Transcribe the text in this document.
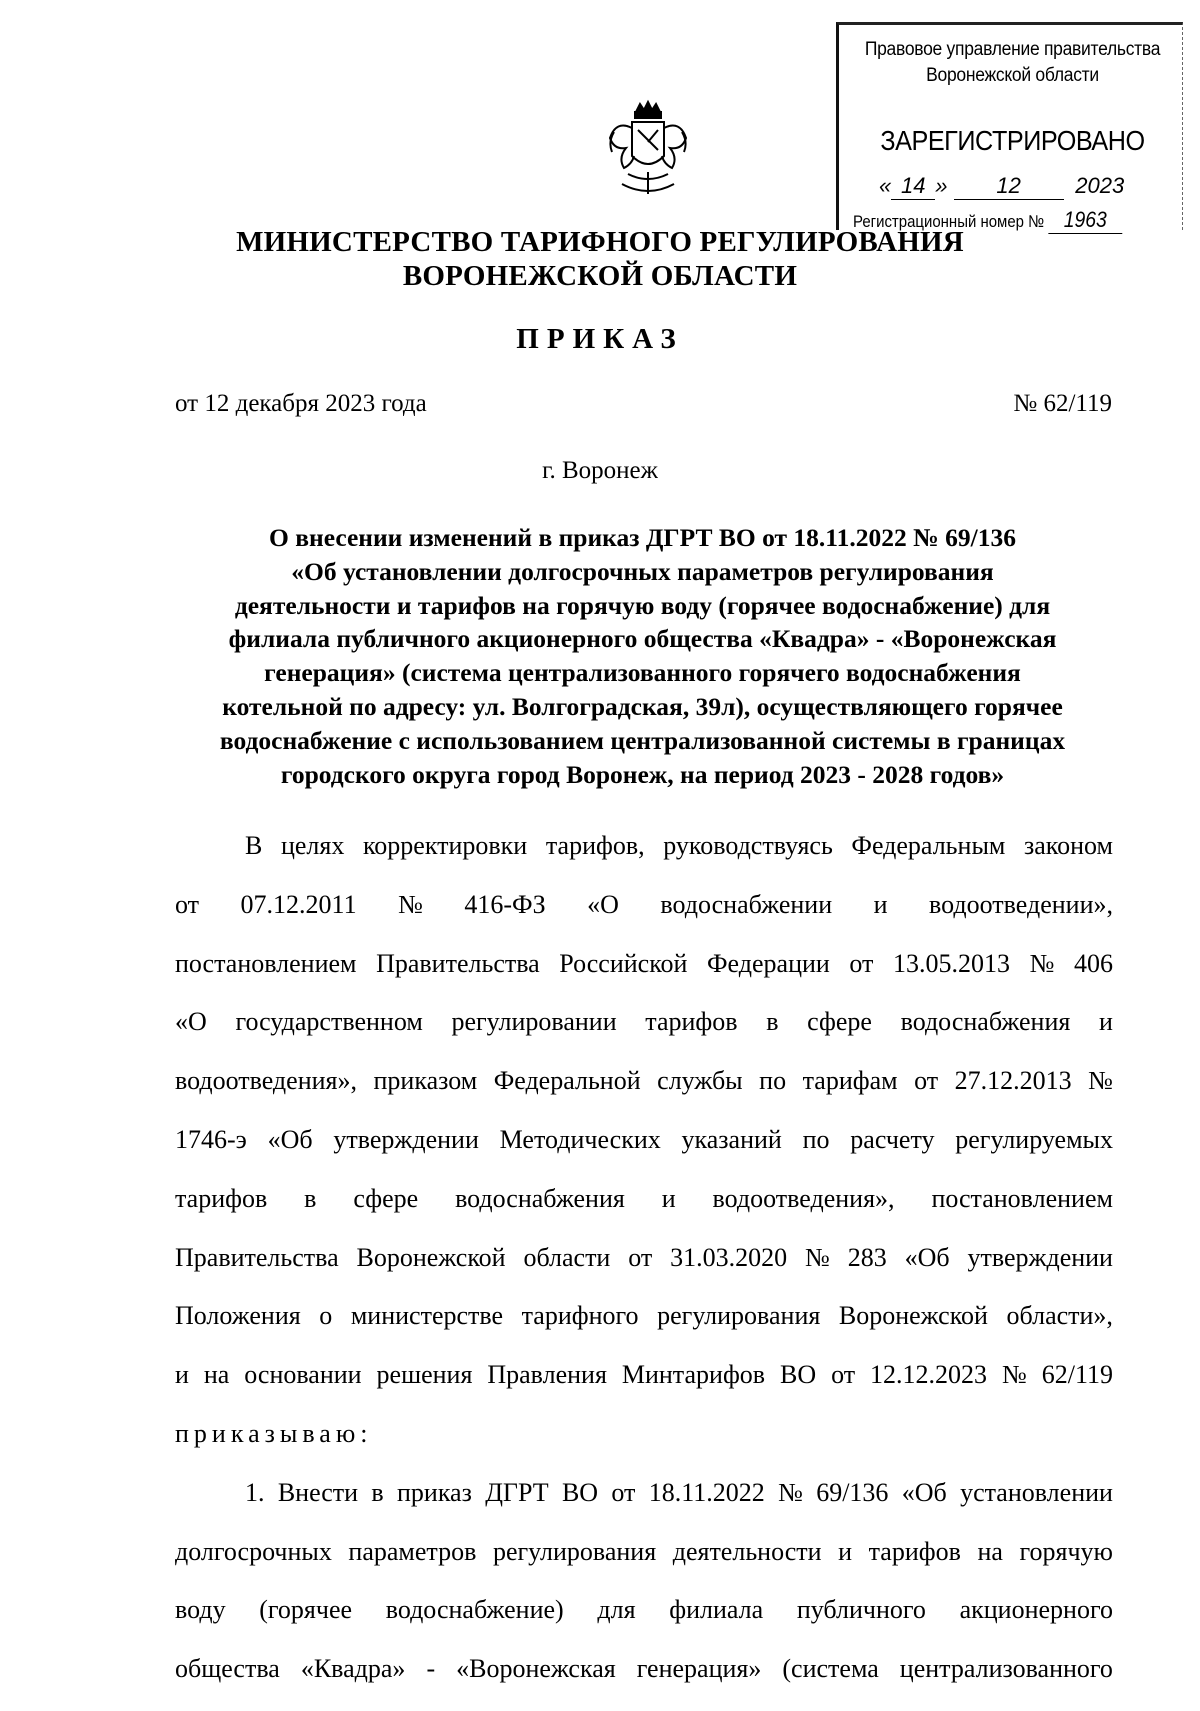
Правовое управление правительства
Воронежской области
ЗАРЕГИСТРИРОВАНО
« 14 » 12 2023
Регистрационный номер № 1963
МИНИСТЕРСТВО ТАРИФНОГО РЕГУЛИРОВАНИЯ
ВОРОНЕЖСКОЙ ОБЛАСТИ
ПРИКАЗ
от 12 декабря 2023 года	№ 62/119
г. Воронеж
О внесении изменений в приказ ДГРТ ВО от 18.11.2022 № 69/136
«Об установлении долгосрочных параметров регулирования
деятельности и тарифов на горячую воду (горячее водоснабжение) для
филиала публичного акционерного общества «Квадра» - «Воронежская
генерация» (система централизованного горячего водоснабжения
котельной по адресу: ул. Волгоградская, 39л), осуществляющего горячее
водоснабжение с использованием централизованной системы в границах
городского округа город Воронеж, на период 2023 - 2028 годов»
В целях корректировки тарифов, руководствуясь Федеральным законом
от 07.12.2011 № 416-ФЗ «О водоснабжении и водоотведении»,
постановлением Правительства Российской Федерации от 13.05.2013 № 406
«О государственном регулировании тарифов в сфере водоснабжения и
водоотведения», приказом Федеральной службы по тарифам от 27.12.2013 №
1746-э «Об утверждении Методических указаний по расчету регулируемых
тарифов в сфере водоснабжения и водоотведения», постановлением
Правительства Воронежской области от 31.03.2020 № 283 «Об утверждении
Положения о министерстве тарифного регулирования Воронежской области»,
и на основании решения Правления Минтарифов ВО от 12.12.2023 № 62/119
приказываю:
1. Внести в приказ ДГРТ ВО от 18.11.2022 № 69/136 «Об установлении
долгосрочных параметров регулирования деятельности и тарифов на горячую
воду (горячее водоснабжение) для филиала публичного акционерного
общества «Квадра» - «Воронежская генерация» (система централизованного
